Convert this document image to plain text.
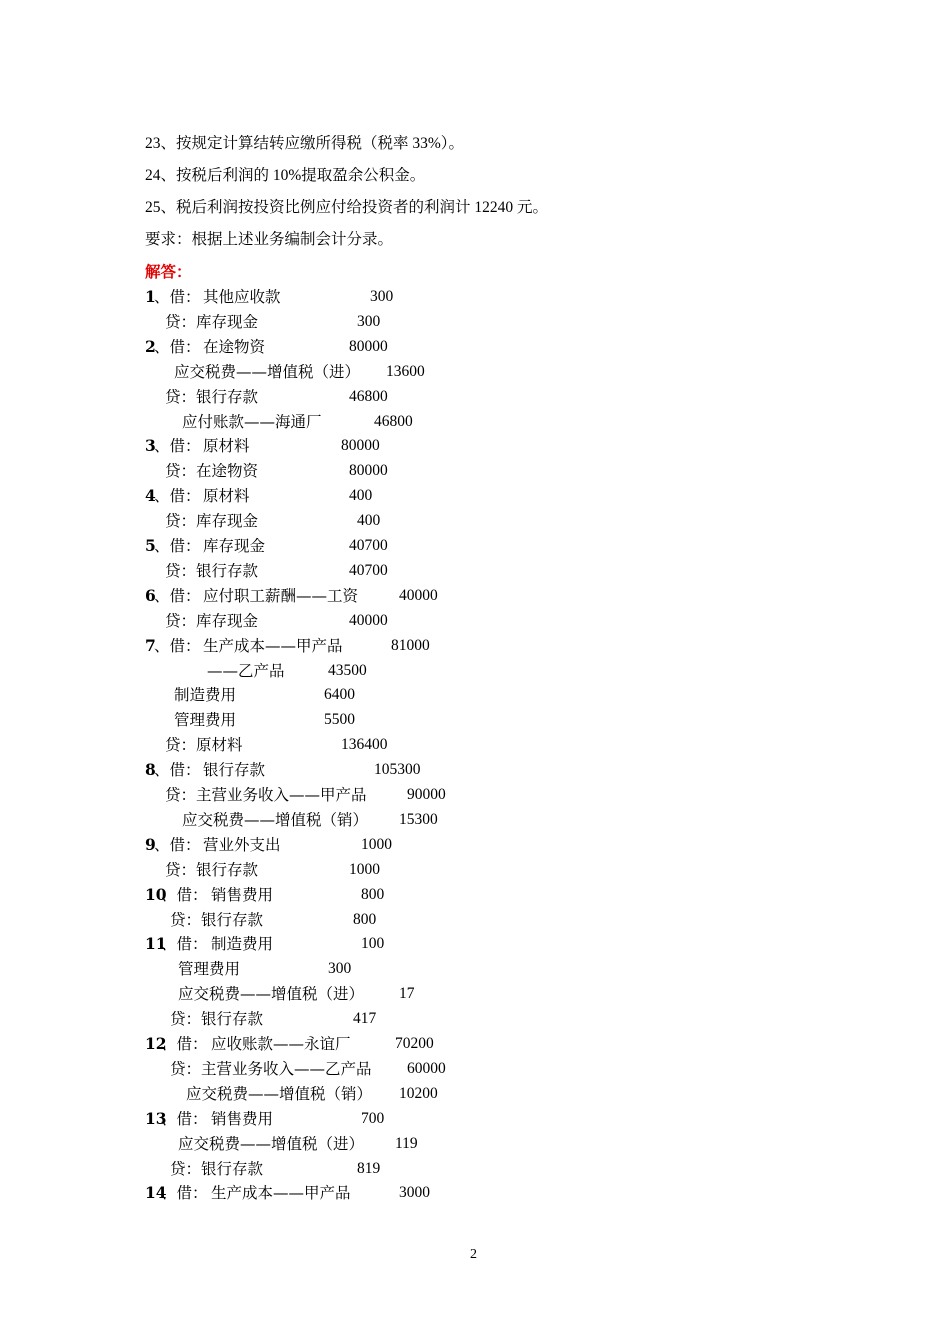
23、按规定计算结转应缴所得税（税率 33%）。
24、按税后利润的 10%提取盈余公积金。
25、税后利润按投资比例应付给投资者的利润计 12240 元。
要求：根据上述业务编制会计分录。
解答：
1
、借： 其他应收款	300
贷：库存现金	300
2
、借： 在途物资	80000
应交税费——增值税（进） 13600
贷：银行存款	46800
应付账款——海通厂	46800
3
、借： 原材料	80000
贷：在途物资	80000
4
、借： 原材料	400
贷：库存现金	400
5
、借： 库存现金	40700
贷：银行存款	40700
6
、借： 应付职工薪酬——工资	40000
贷：库存现金	40000
7
、借： 生产成本——甲产品	81000
——乙产品	43500
制造费用	6400
管理费用	5500
贷：原材料	136400
8
、借： 银行存款	105300
贷：主营业务收入——甲产品	90000
应交税费——增值税（销） 15300
9
、借： 营业外支出	1000
贷：银行存款	1000
10
、借： 销售费用	800
贷：银行存款	800
11
、借： 制造费用	100
管理费用	300
应交税费——增值税（进） 17
贷：银行存款	417
12
、借： 应收账款——永谊厂	70200
贷：主营业务收入——乙产品 60000
应交税费——增值税（销） 10200
13
、借： 销售费用	700
应交税费——增值税（进） 119
贷：银行存款	819
14
、借： 生产成本——甲产品	3000
2
